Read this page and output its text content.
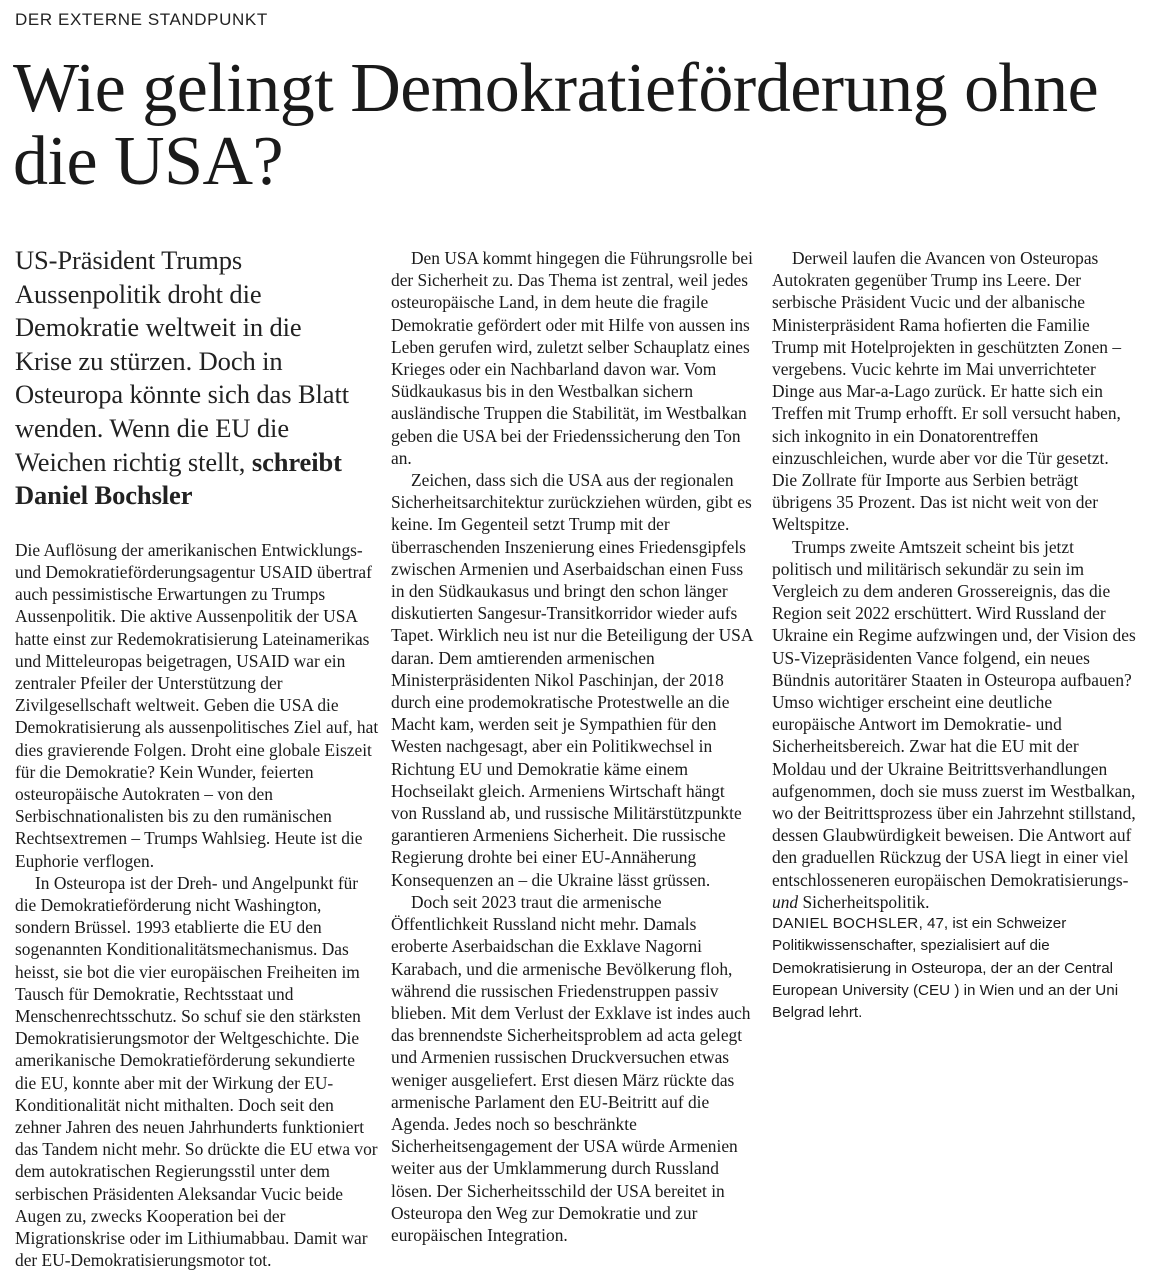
DER EXTERNE STANDPUNKT
Wie gelingt Demokratieförderung ohne die USA?

US-Präsident Trumps Aussenpolitik droht die Demokratie weltweit in die Krise zu stürzen. Doch in Osteuropa könnte sich das Blatt wenden. Wenn die EU die Weichen richtig stellt, schreibt Daniel Bochsler

Die Auflösung der amerikanischen Entwicklungs- und Demokratieförderungsagentur USAID übertraf auch pessimistische Erwartungen zu Trumps Aussenpolitik. Die aktive Aussenpolitik der USA hatte einst zur Redemokratisierung Lateinamerikas und Mitteleuropas beigetragen, USAID war ein zentraler Pfeiler der Unterstützung der Zivilgesellschaft weltweit. Geben die USA die Demokratisierung als aussenpolitisches Ziel auf, hat dies gravierende Folgen. Droht eine globale Eiszeit für die Demokratie? Kein Wunder, feierten osteuropäische Autokraten – von den Serbischnationalisten bis zu den rumänischen Rechtsextremen – Trumps Wahlsieg. Heute ist die Euphorie verflogen.

In Osteuropa ist der Dreh- und Angelpunkt für die Demokratieförderung nicht Washington, sondern Brüssel. 1993 etablierte die EU den sogenannten Konditionalitätsmechanismus. Das heisst, sie bot die vier europäischen Freiheiten im Tausch für Demokratie, Rechtsstaat und Menschenrechtsschutz. So schuf sie den stärksten Demokratisierungsmotor der Weltgeschichte. Die amerikanische Demokratieförderung sekundierte die EU, konnte aber mit der Wirkung der EU-Konditionalität nicht mithalten. Doch seit den zehner Jahren des neuen Jahrhunderts funktioniert das Tandem nicht mehr. So drückte die EU etwa vor dem autokratischen Regierungsstil unter dem serbischen Präsidenten Aleksandar Vucic beide Augen zu, zwecks Kooperation bei der Migrationskrise oder im Lithiumabbau. Damit war der EU-Demokratisierungsmotor tot.

Den USA kommt hingegen die Führungsrolle bei der Sicherheit zu. Das Thema ist zentral, weil jedes osteuropäische Land, in dem heute die fragile Demokratie gefördert oder mit Hilfe von aussen ins Leben gerufen wird, zuletzt selber Schauplatz eines Krieges oder ein Nachbarland davon war. Vom Südkaukasus bis in den Westbalkan sichern ausländische Truppen die Stabilität, im Westbalkan geben die USA bei der Friedenssicherung den Ton an.

Zeichen, dass sich die USA aus der regionalen Sicherheitsarchitektur zurückziehen würden, gibt es keine. Im Gegenteil setzt Trump mit der überraschenden Inszenierung eines Friedensgipfels zwischen Armenien und Aserbaidschan einen Fuss in den Südkaukasus und bringt den schon länger diskutierten Sangesur-Transitkorridor wieder aufs Tapet. Wirklich neu ist nur die Beteiligung der USA daran. Dem amtierenden armenischen Ministerpräsidenten Nikol Paschinjan, der 2018 durch eine prodemokratische Protestwelle an die Macht kam, werden seit je Sympathien für den Westen nachgesagt, aber ein Politikwechsel in Richtung EU und Demokratie käme einem Hochseilakt gleich. Armeniens Wirtschaft hängt von Russland ab, und russische Militärstützpunkte garantieren Armeniens Sicherheit. Die russische Regierung drohte bei einer EU-Annäherung Konsequenzen an – die Ukraine lässt grüssen.

Doch seit 2023 traut die armenische Öffentlichkeit Russland nicht mehr. Damals eroberte Aserbaidschan die Exklave Nagorni Karabach, und die armenische Bevölkerung floh, während die russischen Friedenstruppen passiv blieben. Mit dem Verlust der Exklave ist indes auch das brennendste Sicherheitsproblem ad acta gelegt und Armenien russischen Druckversuchen etwas weniger ausgeliefert. Erst diesen März rückte das armenische Parlament den EU-Beitritt auf die Agenda. Jedes noch so beschränkte Sicherheitsengagement der USA würde Armenien weiter aus der Umklammerung durch Russland lösen. Der Sicherheitsschild der USA bereitet in Osteuropa den Weg zur Demokratie und zur europäischen Integration.

Derweil laufen die Avancen von Osteuropas Autokraten gegenüber Trump ins Leere. Der serbische Präsident Vucic und der albanische Ministerpräsident Rama hofierten die Familie Trump mit Hotelprojekten in geschützten Zonen – vergebens. Vucic kehrte im Mai unverrichteter Dinge aus Mar-a-Lago zurück. Er hatte sich ein Treffen mit Trump erhofft. Er soll versucht haben, sich inkognito in ein Donatorentreffen einzuschleichen, wurde aber vor die Tür gesetzt. Die Zollrate für Importe aus Serbien beträgt übrigens 35 Prozent. Das ist nicht weit von der Weltspitze.

Trumps zweite Amtszeit scheint bis jetzt politisch und militärisch sekundär zu sein im Vergleich zu dem anderen Grossereignis, das die Region seit 2022 erschüttert. Wird Russland der Ukraine ein Regime aufzwingen und, der Vision des US-Vizepräsidenten Vance folgend, ein neues Bündnis autoritärer Staaten in Osteuropa aufbauen? Umso wichtiger erscheint eine deutliche europäische Antwort im Demokratie- und Sicherheitsbereich. Zwar hat die EU mit der Moldau und der Ukraine Beitrittsverhandlungen aufgenommen, doch sie muss zuerst im Westbalkan, wo der Beitrittsprozess über ein Jahrzehnt stillstand, dessen Glaubwürdigkeit beweisen. Die Antwort auf den graduellen Rückzug der USA liegt in einer viel entschlosseneren europäischen Demokratisierungs- und Sicherheitspolitik.

DANIEL BOCHSLER, 47, ist ein Schweizer Politikwissenschafter, spezialisiert auf die Demokratisierung in Osteuropa, der an der Central European University (CEU ) in Wien und an der Uni Belgrad lehrt.
